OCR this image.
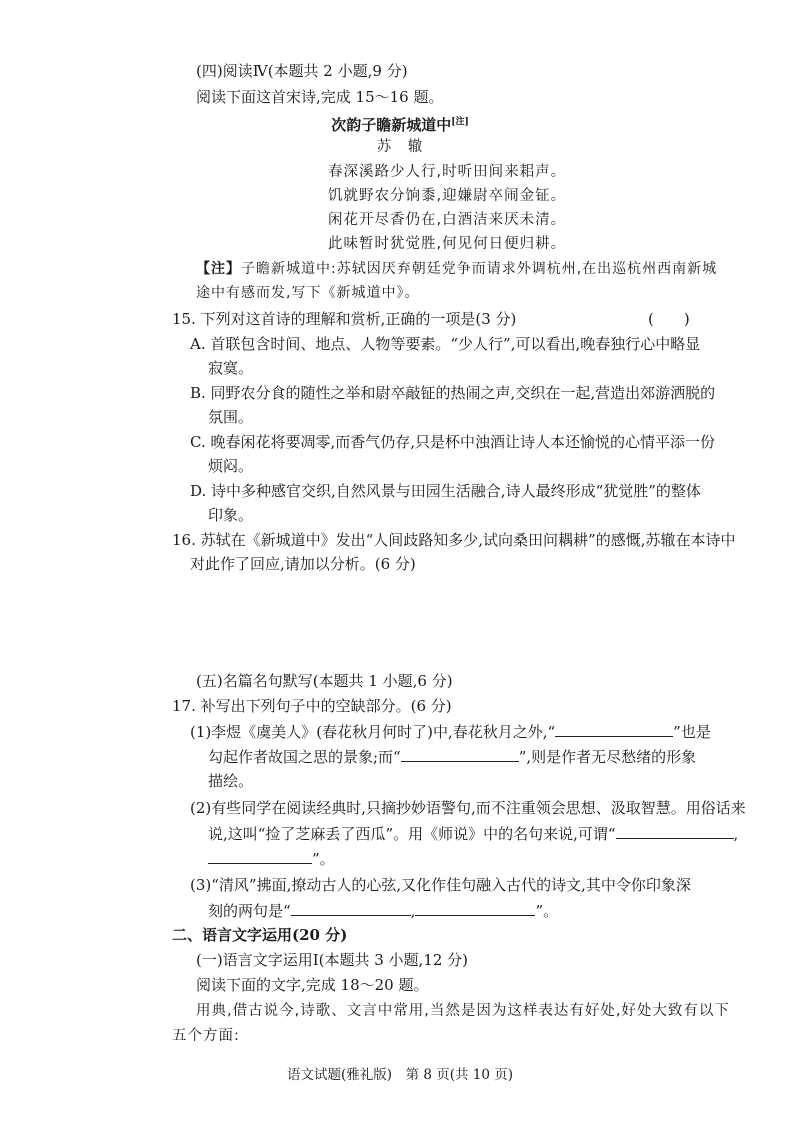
(四)阅读Ⅳ(本题共 2 小题,9 分)
阅读下面这首宋诗,完成 15～16 题。
次韵子瞻新城道中[注]
苏　辙
春深溪路少人行,时听田间来耜声。
饥就野农分饷黍,迎嫌尉卒闹金钲。
闲花开尽香仍在,白酒洁来厌未清。
此味暂时犹觉胜,何见何日便归耕。
【注】子瞻新城道中:苏轼因厌弃朝廷党争而请求外调杭州,在出巡杭州西南新城
途中有感而发,写下《新城道中》。
15. 下列对这首诗的理解和赏析,正确的一项是(3 分)	(　　)
A. 首联包含时间、地点、人物等要素。“少人行”,可以看出,晚春独行心中略显
寂寞。
B. 同野农分食的随性之举和尉卒敲钲的热闹之声,交织在一起,营造出郊游洒脱的
氛围。
C. 晚春闲花将要凋零,而香气仍存,只是杯中浊酒让诗人本还愉悦的心情平添一份
烦闷。
D. 诗中多种感官交织,自然风景与田园生活融合,诗人最终形成“犹觉胜”的整体
印象。
16. 苏轼在《新城道中》发出“人间歧路知多少,试向桑田问耦耕”的感慨,苏辙在本诗中
对此作了回应,请加以分析。(6 分)
(五)名篇名句默写(本题共 1 小题,6 分)
17. 补写出下列句子中的空缺部分。(6 分)
(1)李煜《虞美人》(春花秋月何时了)中,春花秋月之外,“	”也是
勾起作者故国之思的景象;而“	”,则是作者无尽愁绪的形象
描绘。
(2)有些同学在阅读经典时,只摘抄妙语警句,而不注重领会思想、汲取智慧。用俗话来
说,这叫“捡了芝麻丢了西瓜”。用《师说》中的名句来说,可谓“	,
”。
(3)“清风”拂面,撩动古人的心弦,又化作佳句融入古代的诗文,其中令你印象深
刻的两句是“	,	”。
二、语言文字运用(20 分)
(一)语言文字运用Ⅰ(本题共 3 小题,12 分)
阅读下面的文字,完成 18～20 题。
用典,借古说今,诗歌、文言中常用,当然是因为这样表达有好处,好处大致有以下
五个方面:
语文试题(雅礼版)　第 8 页(共 10 页)
